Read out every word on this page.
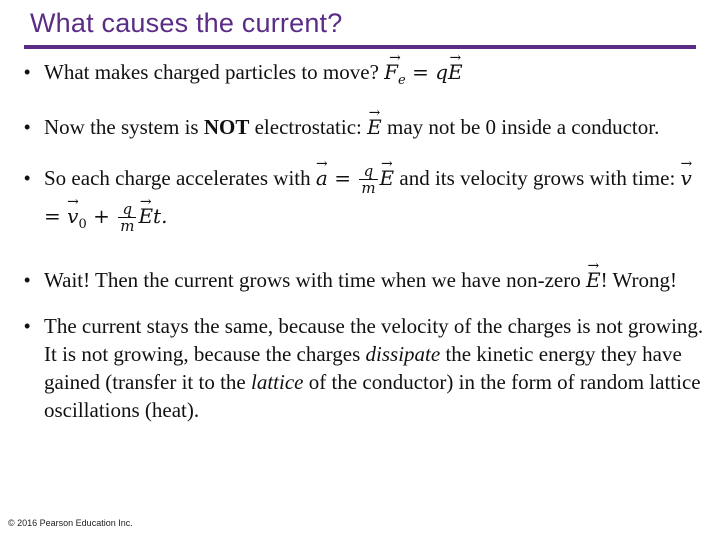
What causes the current?
• What makes charged particles to move? → $F_e = q\to E$
• Now the system is NOT electrostatic: → E may not be 0 inside a conductor.
• So each charge accelerates with → $a = \frac{q}{m}$
→ E and its velocity grows with time: → v = → $v_0 + \frac{q}{m}$
→ Et.
• Wait! Then the current grows with time when we have non-zero → E! Wrong!
• The current stays the same, because the velocity of the charges is not growing. It is not growing, because the charges dissipate the kinetic energy they have gained (transfer it to the lattice of the conductor) in the form of random lattice oscillations (heat).
© 2016 Pearson Education Inc.
